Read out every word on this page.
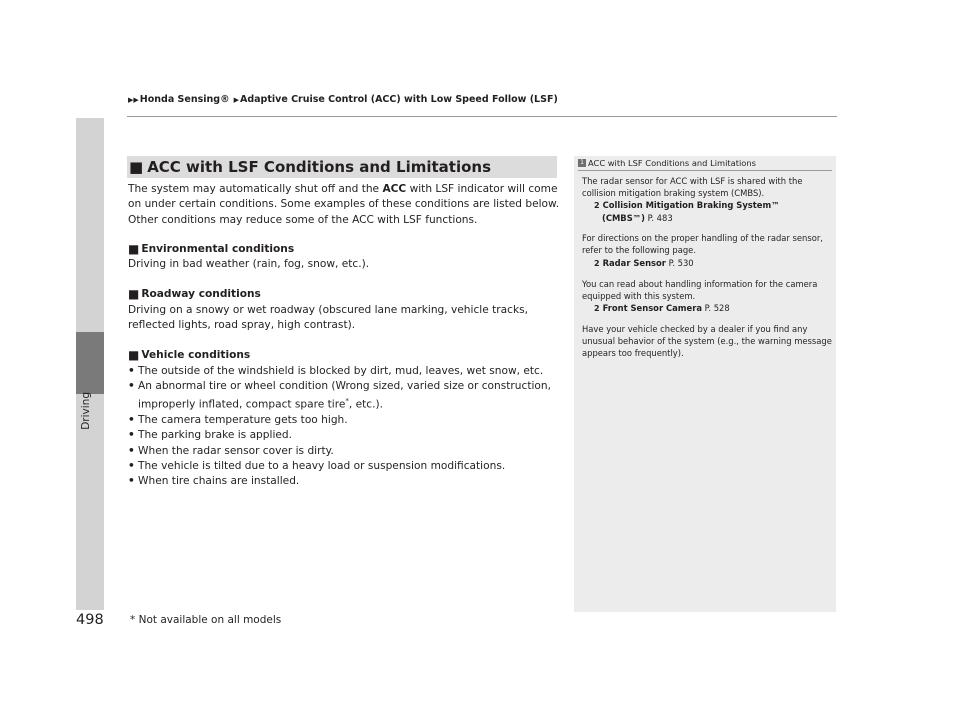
▶▶ Honda Sensing® ▶ Adaptive Cruise Control (ACC) with Low Speed Follow (LSF)
Driving
■ ACC with LSF Conditions and Limitations

The system may automatically shut off and the ACC with LSF indicator will come on under certain conditions. Some examples of these conditions are listed below. Other conditions may reduce some of the ACC with LSF functions.

■ Environmental conditions

Driving in bad weather (rain, fog, snow, etc.).

■ Roadway conditions

Driving on a snowy or wet roadway (obscured lane marking, vehicle tracks, reflected lights, road spray, high contrast).

■ Vehicle conditions

• The outside of the windshield is blocked by dirt, mud, leaves, wet snow, etc.
• An abnormal tire or wheel condition (Wrong sized, varied size or construction, improperly inflated, compact spare tire*, etc.).
• The camera temperature gets too high.
• The parking brake is applied.
• When the radar sensor cover is dirty.
• The vehicle is tilted due to a heavy load or suspension modifications.
• When tire chains are installed.
1 ACC with LSF Conditions and Limitations

The radar sensor for ACC with LSF is shared with the collision mitigation braking system (CMBS).

2 Collision Mitigation Braking System™

(CMBS™) P. 483

For directions on the proper handling of the radar sensor, refer to the following page.

2 Radar Sensor P. 530

You can read about handling information for the camera equipped with this system.

2 Front Sensor Camera P. 528

Have your vehicle checked by a dealer if you find any unusual behavior of the system (e.g., the warning message appears too frequently).

498	* Not available on all models
